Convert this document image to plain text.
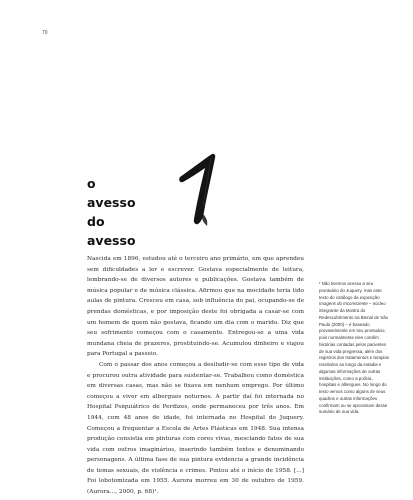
70
o
avesso
do
avesso

Nascida em 1896, estudou até o terceiro ano primário, em que aprendeu sem dificuldades a ler e escrever. Gostava especialmente de leitura, lembrando-se de diversos autores e publicações. Gostava também de música popular e de música clássica. Afirmou que na mocidade teria tido aulas de pintura. Cresceu em casa, sob influência do pai, ocupando-se de prendas domésticas, e por imposição deste foi obrigada a casar-se com um homem de quem não gostava, ficando um dia com o marido. Diz que seu sofrimento começou com o casamento. Entregou-se a uma vida mundana cheia de prazeres, prostituindo-se. Acumulou dinheiro e viajou para Portugal a passeio.

Com o passar dos anos começou a desiludir-se com esse tipo de vida e procurou outra atividade para sustentar-se. Trabalhou como doméstica em diversas casas, mas não se fixava em nenhum emprego. Por último começou a viver em albergues noturnos. A partir daí foi internada no Hospital Psiquiátrico de Perdizes, onde permaneceu por três anos. Em 1944, com 48 anos de idade, foi internada no Hospital do Juquery. Começou a frequentar a Escola de Artes Plásticas em 1948. Sua intensa produção consistia em pinturas com cores vivas, mesclando fatos de sua vida com outros imaginários, inserindo também textos e denominando personagens. A última fase de sua pintura evidencia a grande incidência de temas sexuais, de violência e crimes. Pintou até o início de 1958. [...] Foi lobotomizada em 1955. Aurora morreu em 30 de outubro de 1959. (Aurora..., 2000, p. 68)¹.

¹ Não tivemos acesso a seu prontuário do Juquery, mas este texto do catálogo da exposição Imagens do Inconsciente – núcleo integrante da Mostra do Redescobrimento na Bienal de São Paulo (2000) – é baseado provavelmente em seu prontuário, pois normalmente eles contêm histórias contadas pelos pacientes de sua vida pregressa, além dos registros dos tratamentos e terapias recebidos ao longo da estadia e algumas informações de outras instituições, como a polícia, hospitais e albergues. No longo do texto vemos como alguns de seus quadros e outras informações confirmam ou se aproximam desse sumário de sua vida.
